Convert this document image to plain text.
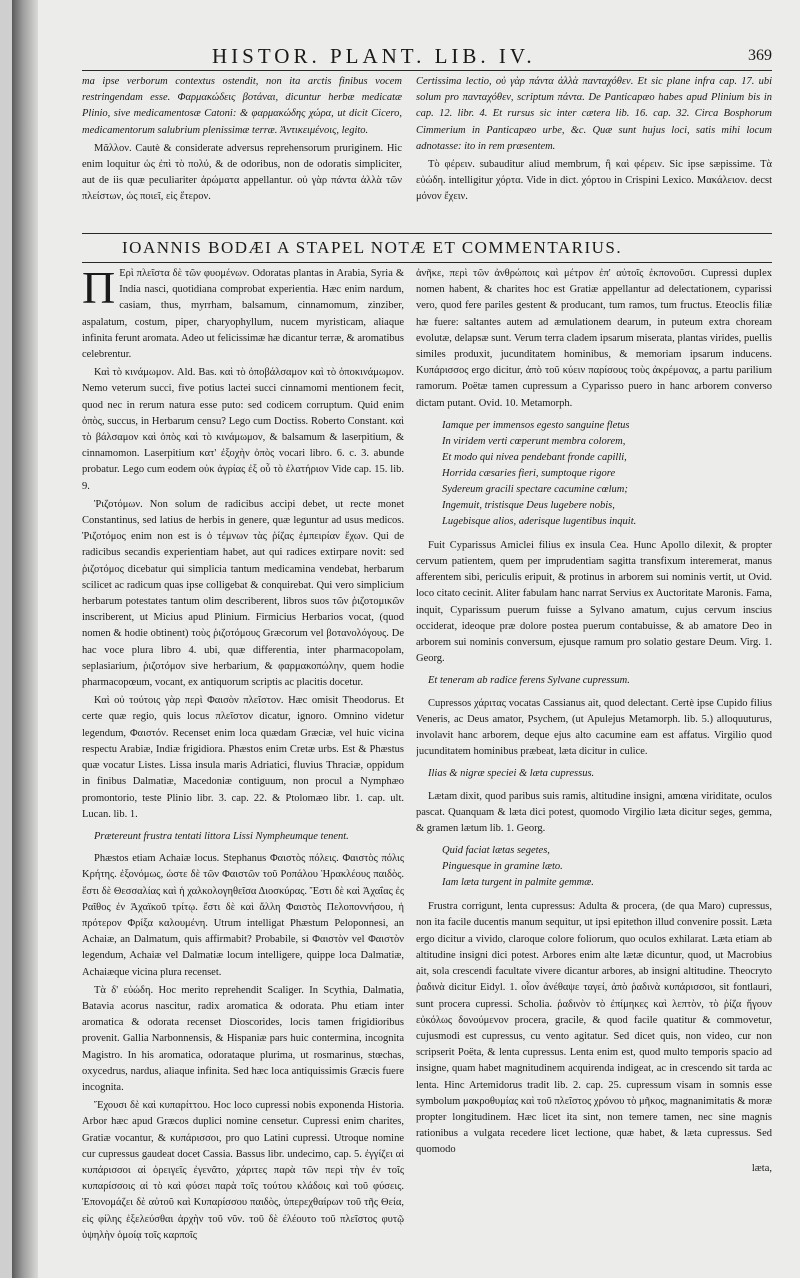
HISTOR. PLANT. LIB. IV.	369

ma ipse verborum contextus ostendit, non ita arctis finibus vocem restringendam esse. Φαρμακώδεις βοτάναι, dicuntur herbæ medicatæ Plinio, sive medicamentosæ Catoni: & φαρμακώδης χώρα, ut dicit Cicero, medicamentorum salubrium plenissimæ terræ. Ἀντικειμένοις, legito.

Μᾶλλον. Cautè & considerate adversus reprehensorum pruriginem. Hic enim loquitur ὡς ἐπὶ τὸ πολύ, & de odoribus, non de odoratis simpliciter, aut de iis quæ peculiariter ἀρώματα appellantur. οὐ γὰρ πάντα ἀλλὰ τῶν πλείστων, ὡς ποιεῖ, εἰς ἕτερον.

Certissima lectio, οὐ γὰρ πάντα ἀλλὰ πανταχόθεν. Et sic plane infra cap. 17. ubi solum pro πανταχόθεν, scriptum πάντα. De Panticapæo habes apud Plinium bis in cap. 12. libr. 4. Et rursus sic inter cætera lib. 16. cap. 32. Circa Bosphorum Cimmerium in Panticapæo urbe, &c. Quæ sunt hujus loci, satis mihi locum adnotasse: ito in rem præsentem.

Τὸ φέρειν. subauditur aliud membrum, ἢ καὶ φέρειν. Sic ipse sæpissime. Τὰ εὐώδη. intelligitur χόρτα. Vide in dict. χόρτου in Crispini Lexico. Μακάλειον. decst μόνον ἔχειν.

IOANNIS BODÆI A STAPEL NOTÆ ET COMMENTARIUS.

Π Ερὶ πλεῖστα δὲ τῶν φυομένων. Odoratas plantas in Arabia, Syria & India nasci, quotidiana comprobat experientia. Hæc enim nardum, casiam, thus, myrrham, balsamum, cinnamomum, zinziber, aspalatum, costum, piper, charyophyllum, nucem myristicam, aliaque infinita ferunt aromata. Adeo ut felicissimæ hæ dicantur terræ, & aromatibus celebrentur.

Καὶ τὸ κινάμωμον. Ald. Bas. καὶ τὸ ὀποβάλσαμον καὶ τὸ ὀποκινάμωμον. Nemo veterum succi, five potius lactei succi cinnamomi mentionem fecit, quod nec in rerum natura esse puto: sed codicem corruptum. Quid enim ὀπὸς, succus, in Herbarum censu? Lego cum Doctiss. Roberto Constant. καὶ τὸ βάλσαμον καὶ ὀπὸς καὶ τὸ κινάμωμον, & balsamum & laserpitium, & cinnamomon. Laserpitium κατ' ἐξοχὴν ὀπὸς vocari libro. 6. c. 3. abunde probatur. Lego cum eodem οὐκ ἀγρίας ἐξ οὗ τὸ ἐλατήριον Vide cap. 15. lib. 9.

Ῥιζοτόμων. Non solum de radicibus accipi debet, ut recte monet Constantinus, sed latius de herbis in genere, quæ leguntur ad usus medicos. Ῥιζοτόμος enim non est is ὁ τέμνων τὰς ῥίζας ἐμπειρίαν ἔχων. Qui de radicibus secandis experientiam habet, aut qui radices extirpare novit: sed ῥιζοτόμος dicebatur qui simplicia tantum medicamina vendebat, herbarum scilicet ac radicum quas ipse colligebat & conquirebat. Qui vero simplicium herbarum potestates tantum olim describerent, libros suos τῶν ῥιζοτομικῶν inscriberent, ut Micius apud Plinium. Firmicius Herbarios vocat, (quod nomen & hodie obtinent) τοὺς ῥιζοτόμους Græcorum vel βοτανολόγους. De hac voce plura libro 4. ubi, quæ differentia, inter pharmacopolam, seplasiarium, ῥιζοτόμον sive herbarium, & φαρμακοπώλην, quem hodie pharmacopœum, vocant, ex antiquorum scriptis ac placitis docetur.

Καὶ οὐ τούτοις γὰρ περὶ Φαισὸν πλεῖστον. Hæc omisit Theodorus. Et certe quæ regio, quis locus πλεῖστον dicatur, ignoro. Omnino videtur legendum, Φαιστόν. Recenset enim loca quædam Græciæ, vel huic vicina respectu Arabiæ, Indiæ frigidiora. Phæstos enim Cretæ urbs. Est & Phæstus quæ vocatur Listes. Lissa insula maris Adriatici, fluvius Thraciæ, oppidum in finibus Dalmatiæ, Macedoniæ contiguum, non procul a Nymphæo promontorio, teste Plinio libr. 3. cap. 22. & Ptolomæo libr. 1. cap. ult. Lucan. lib. 1.

Prætereunt frustra tentati littora Lissi Nympheumque tenent.

Phæstos etiam Achaiæ locus. Stephanus Φαιστὸς πόλεις. Φαιστὸς πόλις Κρήτης. ἐξονόμως, ὡστε δὲ τῶν Φαιστῶν τοῦ Ροπάλου Ἡρακλέους παιδὸς. ἔστι δὲ Θεσσαλίας καὶ ἡ χαλκολογηθεῖσα Διοσκύρας. Ἔστι δὲ καὶ Ἀχαΐας ἐς Ραῖθος ἐν Ἀχαϊκοῦ τρίτῳ. ἔστι δὲ καὶ ἄλλη Φαιστὸς Πελοποννήσου, ἡ πρότερον Φρίξα καλουμένη. Utrum intelligat Phæstum Peloponnesi, an Achaiæ, an Dalmatum, quis affirmabit? Probabile, si Φαιστὸν vel Φαιστὸν legendum, Achaiæ vel Dalmatiæ locum intelligere, quippe loca Dalmatiæ, Achaiæque vicina plura recenset.

Τὰ δ' εὐώδη. Hoc merito reprehendit Scaliger. In Scythia, Dalmatia, Batavia acorus nascitur, radix aromatica & odorata. Phu etiam inter aromatica & odorata recenset Dioscorides, locis tamen frigidioribus provenit. Gallia Narbonnensis, & Hispaniæ pars huic contermina, incognita Magistro. In his aromatica, odorataque plurima, ut rosmarinus, stœchas, oxycedrus, nardus, aliaque infinita. Sed hæc loca antiquissimis Græcis fuere incognita.

Ἔχουσι δὲ καὶ κυπαρίττου. Hoc loco cupressi nobis exponenda Historia. Arbor hæc apud Græcos duplici nomine censetur. Cupressi enim charites, Gratiæ vocantur, & κυπάρισσοι, pro quo Latini cupressi. Utroque nomine cur cupressus gaudeat docet Cassia. Bassus libr. undecimo, cap. 5. ἐγγίζει αἱ κυπάρισσοι αἱ ὀρειγεῖς ἐγενᾶτο, χάριτες παρὰ τῶν περὶ τὴν ἐν τοῖς κυπαρίσσοις αἱ τὸ καὶ φύσει παρὰ τοῖς τούτου κλάδοις καὶ τοῦ φύσεις. Ἐπονομάζει δὲ αὐτοῦ καὶ Κυπαρίσσου παιδὸς, ὑπερεχθαίρων τοῦ τῆς Θεία, εἰς φίλης ἐξελεύσθαι ἀρχὴν τοῦ νῦν. τοῦ δὲ ἐλέουτο τοῦ πλεῖστος φυτῷ ὑψηλὴν ὁμοίᾳ τοῖς καρποῖς

ἀνῆκε, περὶ τῶν ἀνθρώποις καὶ μέτρον ἐπ' αὐτοῖς ἐκπονοῦσι. Cupressi duplex nomen habent, & charites hoc est Gratiæ appellantur ad delectationem, cyparissi vero, quod fere pariles gestent & producant, tum ramos, tum fructus. Eteoclis filiæ hæ fuere: saltantes autem ad æmulationem dearum, in puteum extra choream evolutæ, delapsæ sunt. Verum terra cladem ipsarum miserata, plantas virides, puellis similes produxit, jucunditatem hominibus, & memoriam ipsarum inducens. Κυπάρισσος ergo dicitur, ἀπὸ τοῦ κύειν παρίσους τοὺς ἀκρέμονας, a partu parilium ramorum. Poëtæ tamen cupressum a Cyparisso puero in hanc arborem converso dictam putant. Ovid. 10. Metamorph.

Iamque per immensos egesto sanguine fletus
In viridem verti cœperunt membra colorem,
Et modo qui nivea pendebant fronde capilli,
Horrida cæsaries fieri, sumptoque rigore
Sydereum gracili spectare cacumine cœlum;
Ingemuit, tristisque Deus lugebere nobis,
Lugebisque alios, aderisque lugentibus inquit.

Fuit Cyparissus Amiclei filius ex insula Cea. Hunc Apollo dilexit, & propter cervum patientem, quem per imprudentiam sagitta transfixum interemerat, manus afferentem sibi, periculis eripuit, & protinus in arborem sui nominis vertit, ut Ovid. loco citato cecinit. Aliter fabulam hanc narrat Servius ex Auctoritate Maronis. Fama, inquit, Cyparissum puerum fuisse a Sylvano amatum, cujus cervum inscius occiderat, ideoque præ dolore postea puerum contabuisse, & ab amatore Deo in arborem sui nominis conversum, ejusque ramum pro solatio gestare Deum. Virg. 1. Georg.

Et teneram ab radice ferens Sylvane cupressum.

Cupressos χάριτας vocatas Cassianus ait, quod delectant. Certè ipse Cupido filius Veneris, ac Deus amator, Psychem, (ut Apulejus Metamorph. lib. 5.) alloquuturus, involavit hanc arborem, deque ejus alto cacumine eam est affatus. Virgilio quod jucunditatem hominibus præbeat, læta dicitur in culice.

Ilias & nigræ speciei & læta cupressus.

Lætam dixit, quod paribus suis ramis, altitudine insigni, amœna viriditate, oculos pascat. Quanquam & læta dici potest, quomodo Virgilio læta dicitur seges, gemma, & gramen lætum lib. 1. Georg.

Quid faciat lætas segetes,
Pinguesque in gramine læto.
Iam læta turgent in palmite gemmæ.

Frustra corrigunt, lenta cupressus: Adulta & procera, (de qua Maro) cupressus, non ita facile ducentis manum sequitur, ut ipsi epitethon illud convenire possit. Læta ergo dicitur a vivido, claroque colore foliorum, quo oculos exhilarat. Læta etiam ab altitudine insigni dici potest. Arbores enim alte lætæ dicuntur, quod, ut Macrobius ait, sola crescendi facultate vivere dicantur arbores, ab insigni altitudine. Theocryto ῥαδινὰ dicitur Eidyl. 1. οἷον ἀνέθαψε ταγεί, ἀπὸ ῥαδινὰ κυπάρισσοι, sit fontlauri, sunt procera cupressi. Scholia. ῥαδινὸν τὸ ἐπίμηκες καὶ λεπτὸν, τὸ ῥίζα ἤγουν εὐκόλως δονούμενον procera, gracile, & quod facile quatitur & commovetur, cujusmodi est cupressus, cu vento agitatur. Sed dicet quis, non video, cur non scripserit Poëta, & lenta cupressus. Lenta enim est, quod multo temporis spacio ad insigne, quam habet magnitudinem acquirenda indigeat, ac in crescendo sit tarda ac lenta. Hinc Artemidorus tradit lib. 2. cap. 25. cupressum visam in somnis esse symbolum μακροθυμίας καὶ τοῦ πλεῖστος χρόνου τὸ μῆκος, magnanimitatis & moræ propter longitudinem. Hæc licet ita sint, non temere tamen, nec sine magnis rationibus a vulgata recedere licet lectione, quæ habet, & læta cupressus. Sed quomodo

læta,
